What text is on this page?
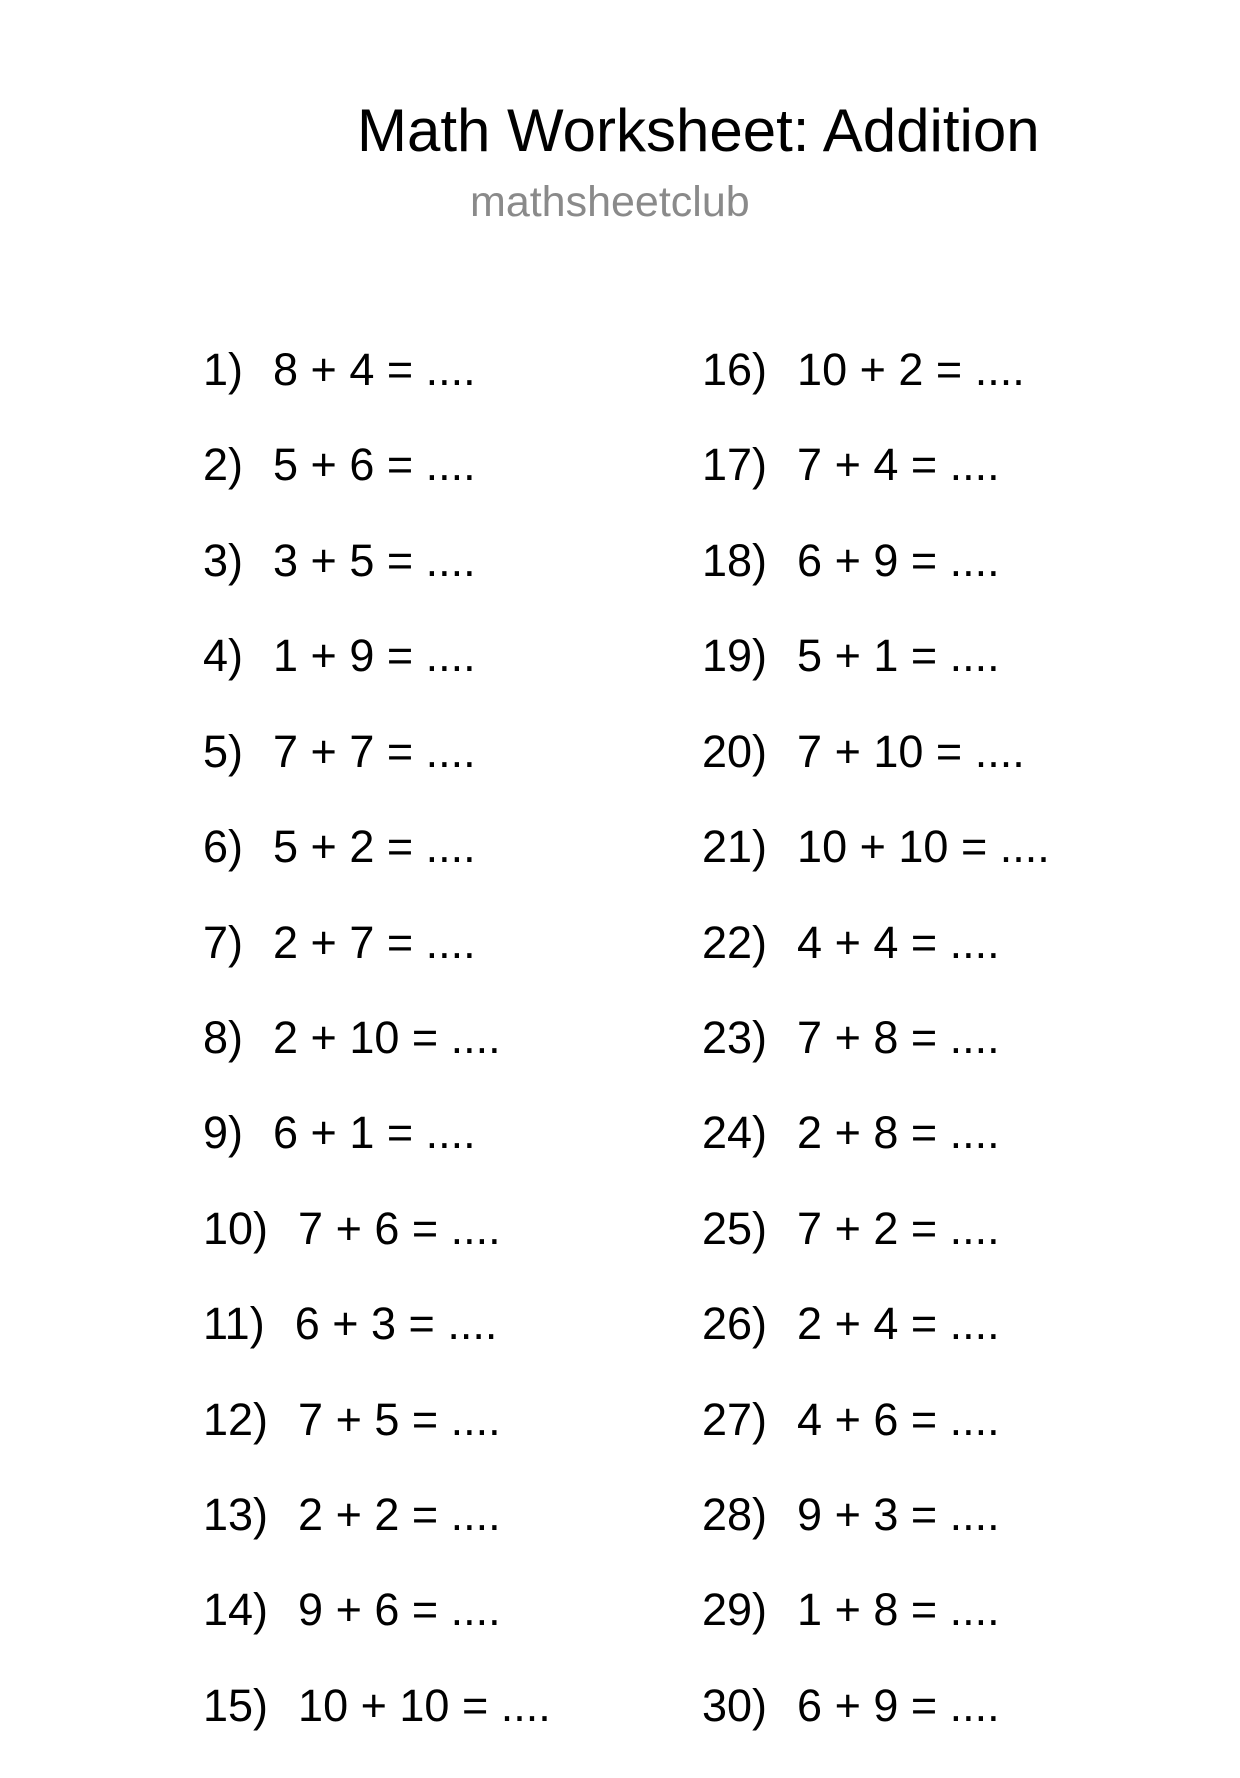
Math Worksheet: Addition
mathsheetclub
1) 8 + 4 = ....
2) 5 + 6 = ....
3) 3 + 5 = ....
4) 1 + 9 = ....
5) 7 + 7 = ....
6) 5 + 2 = ....
7) 2 + 7 = ....
8) 2 + 10 = ....
9) 6 + 1 = ....
10) 7 + 6 = ....
11) 6 + 3 = ....
12) 7 + 5 = ....
13) 2 + 2 = ....
14) 9 + 6 = ....
15) 10 + 10 = ....
16) 10 + 2 = ....
17) 7 + 4 = ....
18) 6 + 9 = ....
19) 5 + 1 = ....
20) 7 + 10 = ....
21) 10 + 10 = ....
22) 4 + 4 = ....
23) 7 + 8 = ....
24) 2 + 8 = ....
25) 7 + 2 = ....
26) 2 + 4 = ....
27) 4 + 6 = ....
28) 9 + 3 = ....
29) 1 + 8 = ....
30) 6 + 9 = ....
